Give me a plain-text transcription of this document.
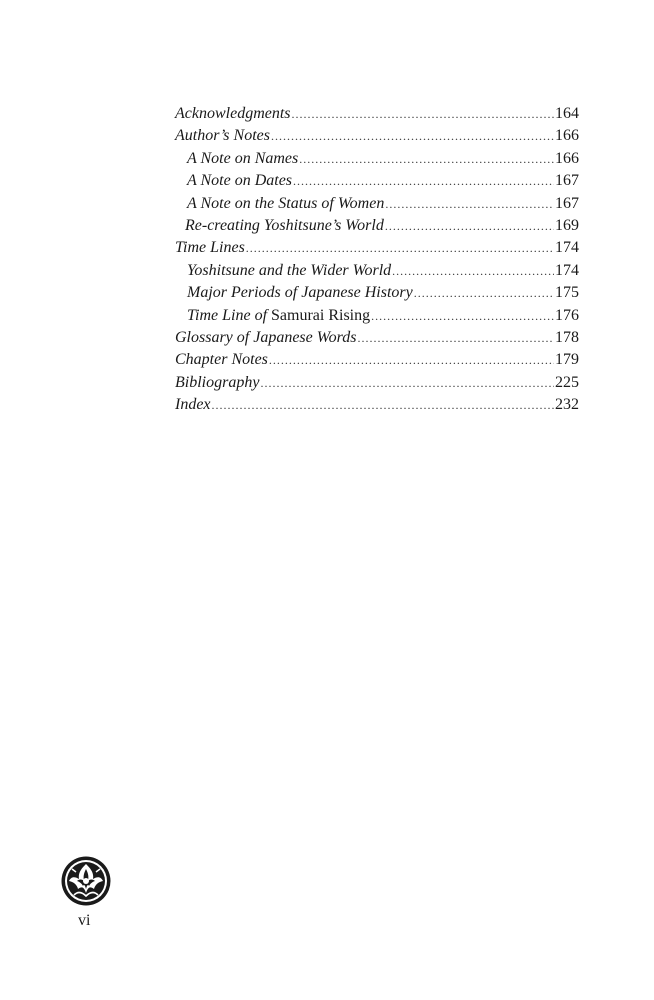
Acknowledgments .....	164
Author’s Notes .....	166
A Note on Names .....	166
A Note on Dates .....	167
A Note on the Status of Women .....	167
Re-creating Yoshitsune’s World .....	169
Time Lines .....	174
Yoshitsune and the Wider World .....	174
Major Periods of Japanese History .....	175
Time Line of Samurai Rising .....	176
Glossary of Japanese Words .....	178
Chapter Notes .....	179
Bibliography .....	225
Index .....	232
vi
